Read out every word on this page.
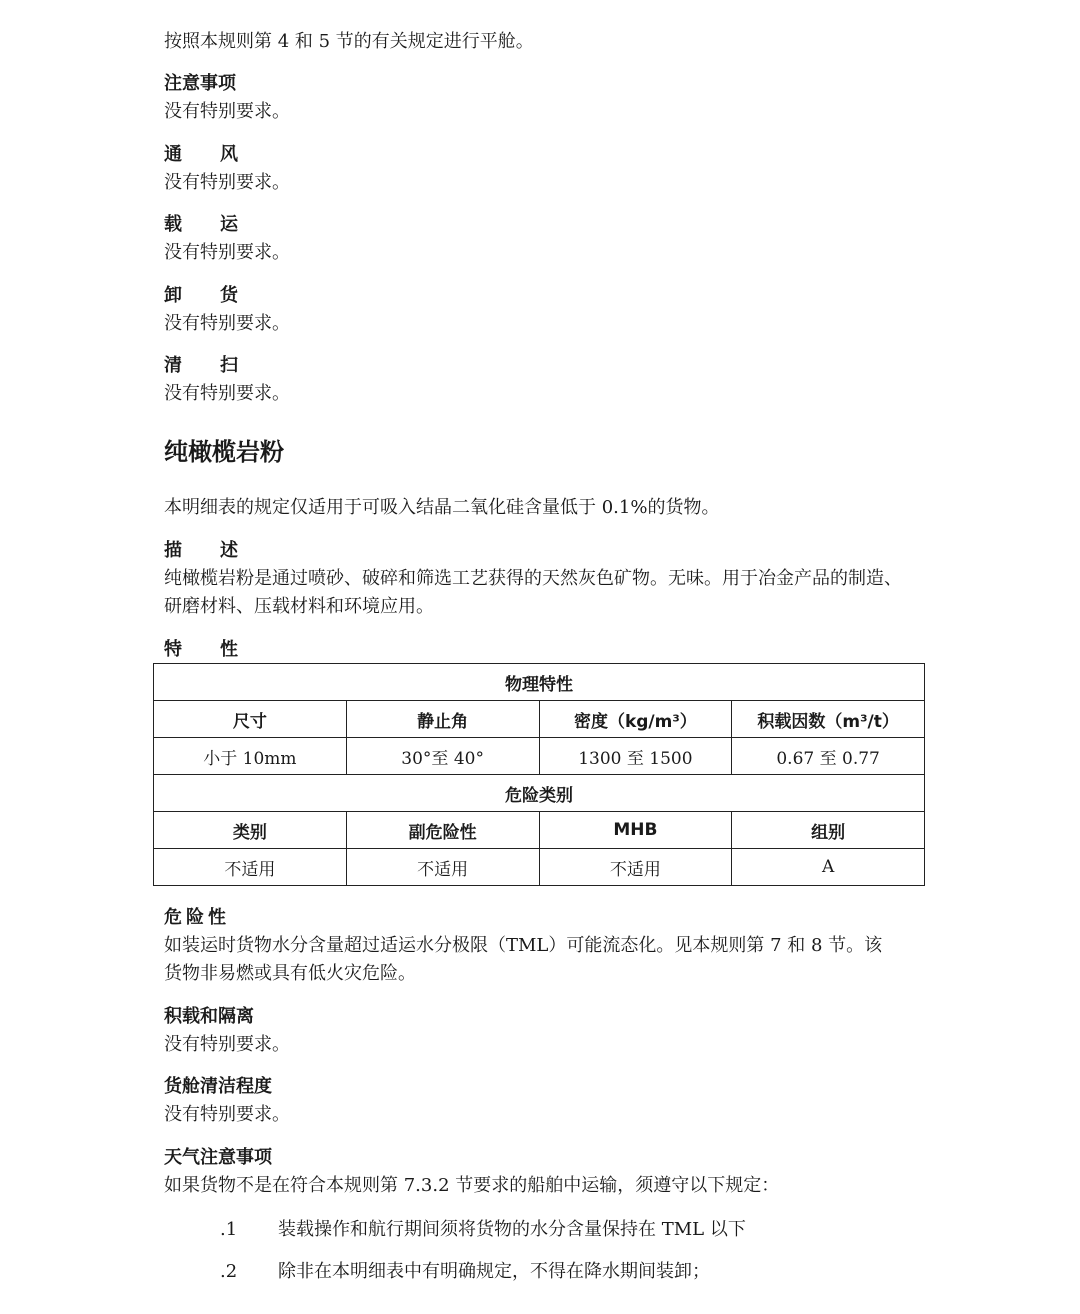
按照本规则第 4 和 5 节的有关规定进行平舱。

注意事项

没有特别要求。

通风

没有特别要求。

载运

没有特别要求。

卸货

没有特别要求。

清扫

没有特别要求。

纯橄榄岩粉

本明细表的规定仅适用于可吸入结晶二氧化硅含量低于 0.1%的货物。

描述

纯橄榄岩粉是通过喷砂、破碎和筛选工艺获得的天然灰色矿物。无味。用于冶金产品的制造、

研磨材料、压载材料和环境应用。

特性
物理特性			
尺寸	静止角	密度（kg/m³）	积载因数（m³/t）
小于 10mm	30°至 40°	1300 至 1500	0.67 至 0.77
危险类别			
类别	副危险性	MHB	组别
不适用	不适用	不适用	A
危险性

如装运时货物水分含量超过适运水分极限（TML）可能流态化。见本规则第 7 和 8 节。该

货物非易燃或具有低火灾危险。

积载和隔离

没有特别要求。

货舱清洁程度

没有特别要求。

天气注意事项

如果货物不是在符合本规则第 7.3.2 节要求的船舶中运输，须遵守以下规定：

.1 装载操作和航行期间须将货物的水分含量保持在 TML 以下
.2 除非在本明细表中有明确规定，不得在降水期间装卸；
